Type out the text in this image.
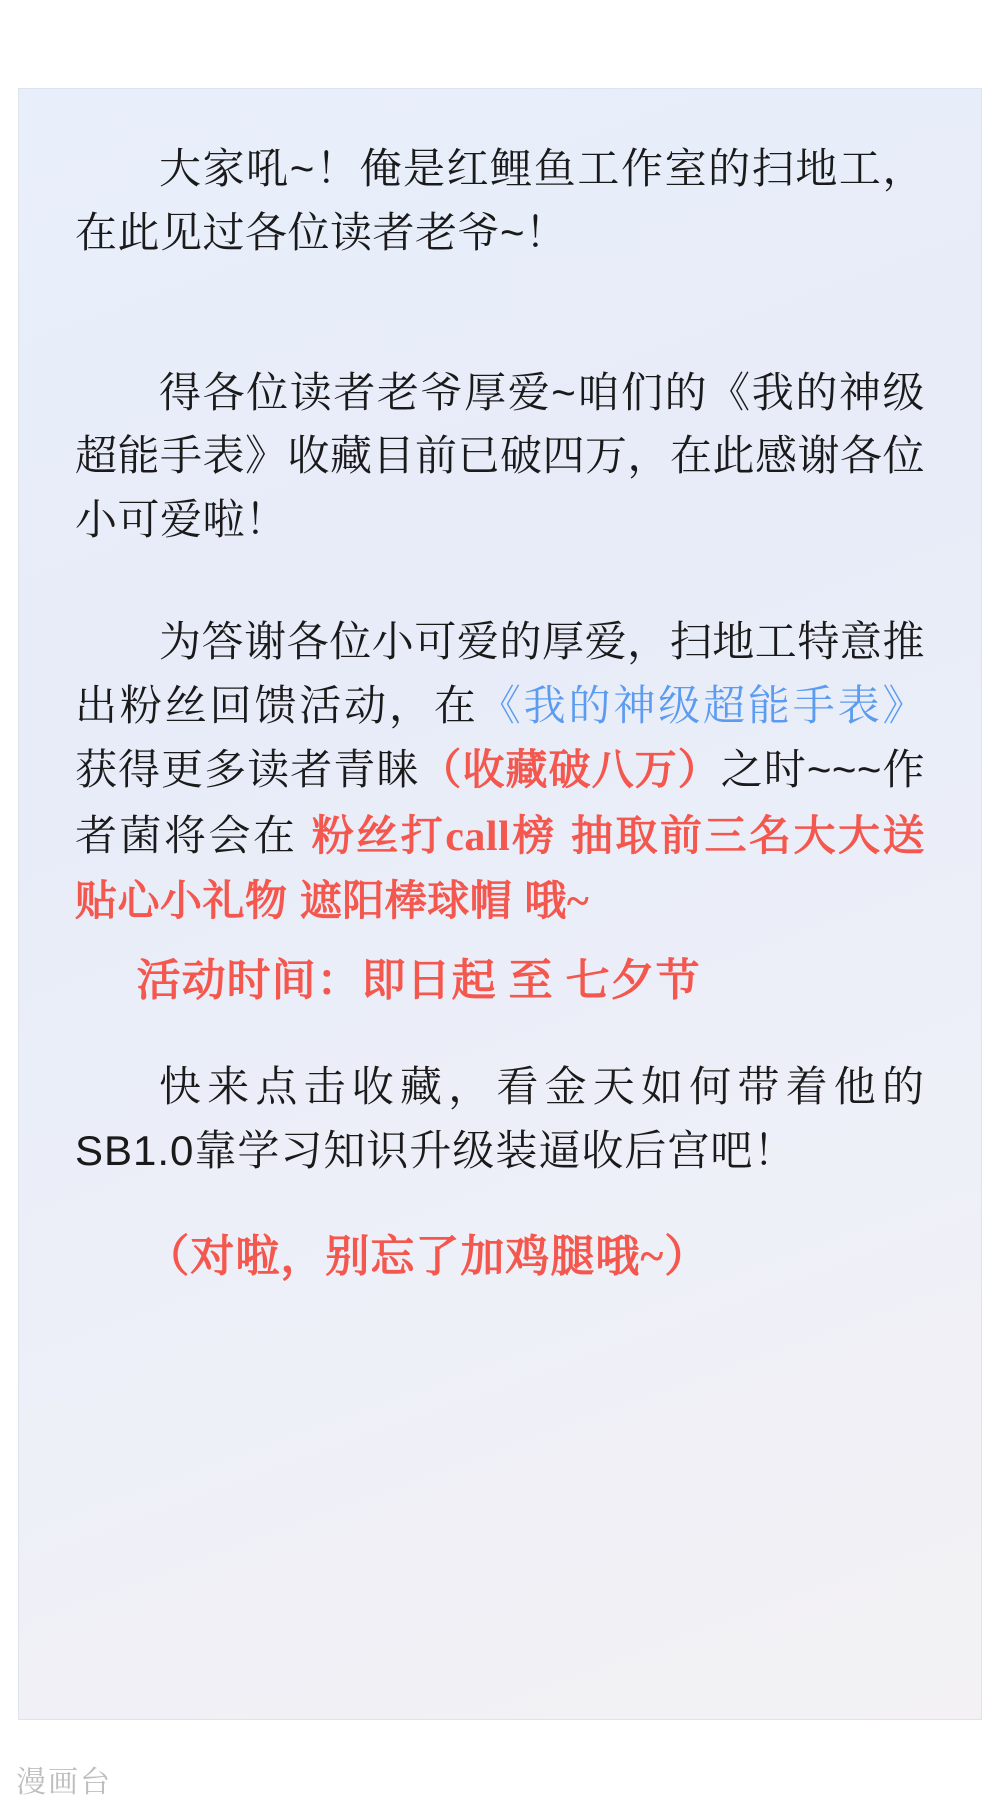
大家吼~！俺是红鲤鱼工作室的扫地工，在此见过各位读者老爷~！

得各位读者老爷厚爱~咱们的《我的神级超能手表》收藏目前已破四万，在此感谢各位小可爱啦！

为答谢各位小可爱的厚爱，扫地工特意推出粉丝回馈活动，在《我的神级超能手表》获得更多读者青睐（收藏破八万）之时~~~作者菌将会在 粉丝打call榜 抽取前三名大大送 贴心小礼物 遮阳棒球帽 哦~

活动时间：即日起 至 七夕节

快来点击收藏，看金天如何带着他的SB1.0靠学习知识升级装逼收后宫吧！

（对啦，别忘了加鸡腿哦~）

漫画台
